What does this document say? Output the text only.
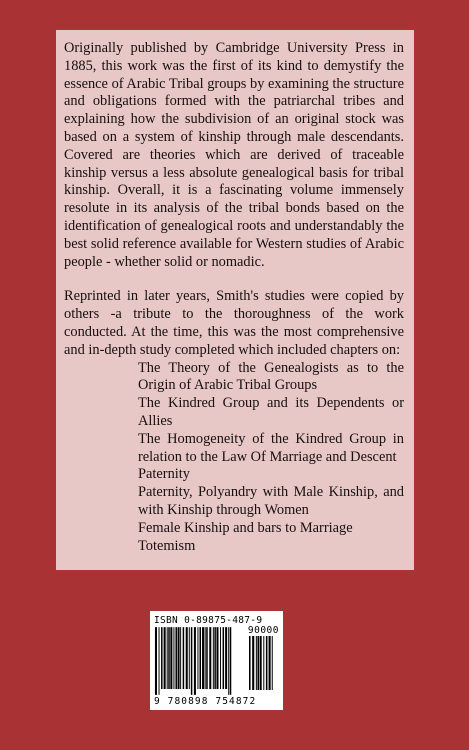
Originally published by Cambridge University Press in 1885, this work was the first of its kind to demystify the essence of Arabic Tribal groups by examining the structure and obligations formed with the patriarchal tribes and explaining how the subdivision of an original stock was based on a system of kinship through male descendants. Covered are theories which are derived of traceable kinship versus a less absolute genealogical basis for tribal kinship. Overall, it is a fascinating volume immensely resolute in its analysis of the tribal bonds based on the identification of genealogical roots and understandably the best solid reference available for Western studies of Arabic people - whether solid or nomadic.

Reprinted in later years, Smith's studies were copied by others -a tribute to the thoroughness of the work conducted. At the time, this was the most comprehensive and in-depth study completed which included chapters on:

The Theory of the Genealogists as to the Origin of Arabic Tribal Groups
The Kindred Group and its Dependents or Allies
The Homogeneity of the Kindred Group in relation to the Law Of Marriage and Descent
Paternity
Paternity, Polyandry with Male Kinship, and with Kinship through Women
Female Kinship and bars to Marriage
Totemism
ISBN 0-89875-487-9
90000
9 780898 754872
